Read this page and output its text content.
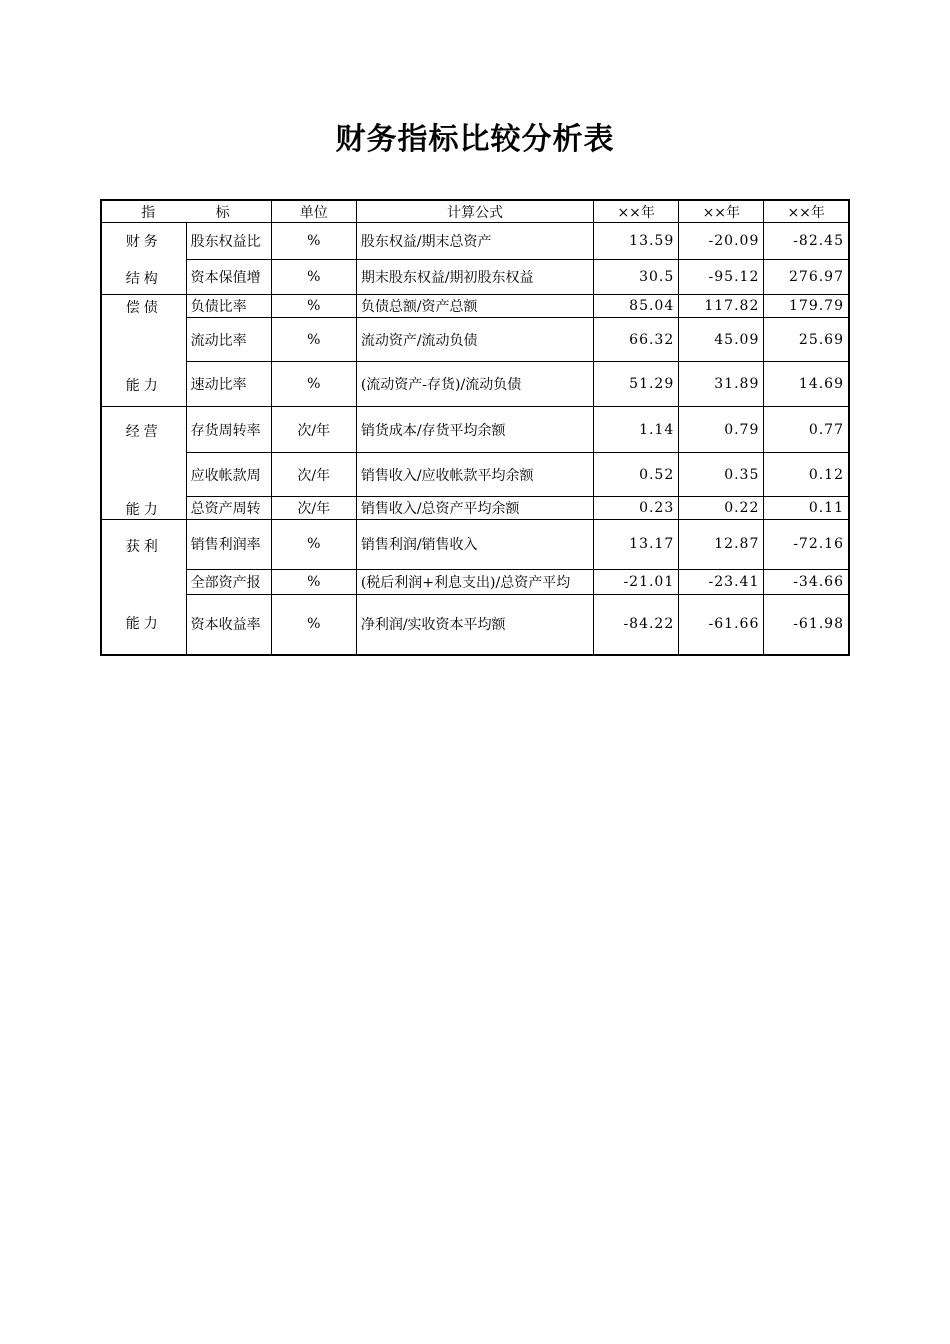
财务指标比较分析表
指 标		单位	计算公式	××年	××年	××年

财务	股东权益比	%	股东权益/期末总资产	13.59	-20.09	-82.45

结构	资本保值增	%	期末股东权益/期初股东权益	30.5	-95.12	276.97

偿债	负债比率	%	负债总额/资产总额	85.04	117.82	179.79
	流动比率	%	流动资产/流动负债	66.32	45.09	25.69

能力	速动比率	%	(流动资产-存货)/流动负债	51.29	31.89	14.69

经营	存货周转率	次/年	销货成本/存货平均余额	1.14	0.79	0.77
	应收帐款周	次/年	销售收入/应收帐款平均余额	0.52	0.35	0.12

能力	总资产周转	次/年	销售收入/总资产平均余额	0.23	0.22	0.11

获利	销售利润率	%	销售利润/销售收入	13.17	12.87	-72.16
	全部资产报	%	(税后利润+利息支出)/总资产平均	-21.01	-23.41	-34.66

能力	资本收益率	%	净利润/实收资本平均额	-84.22	-61.66	-61.98
